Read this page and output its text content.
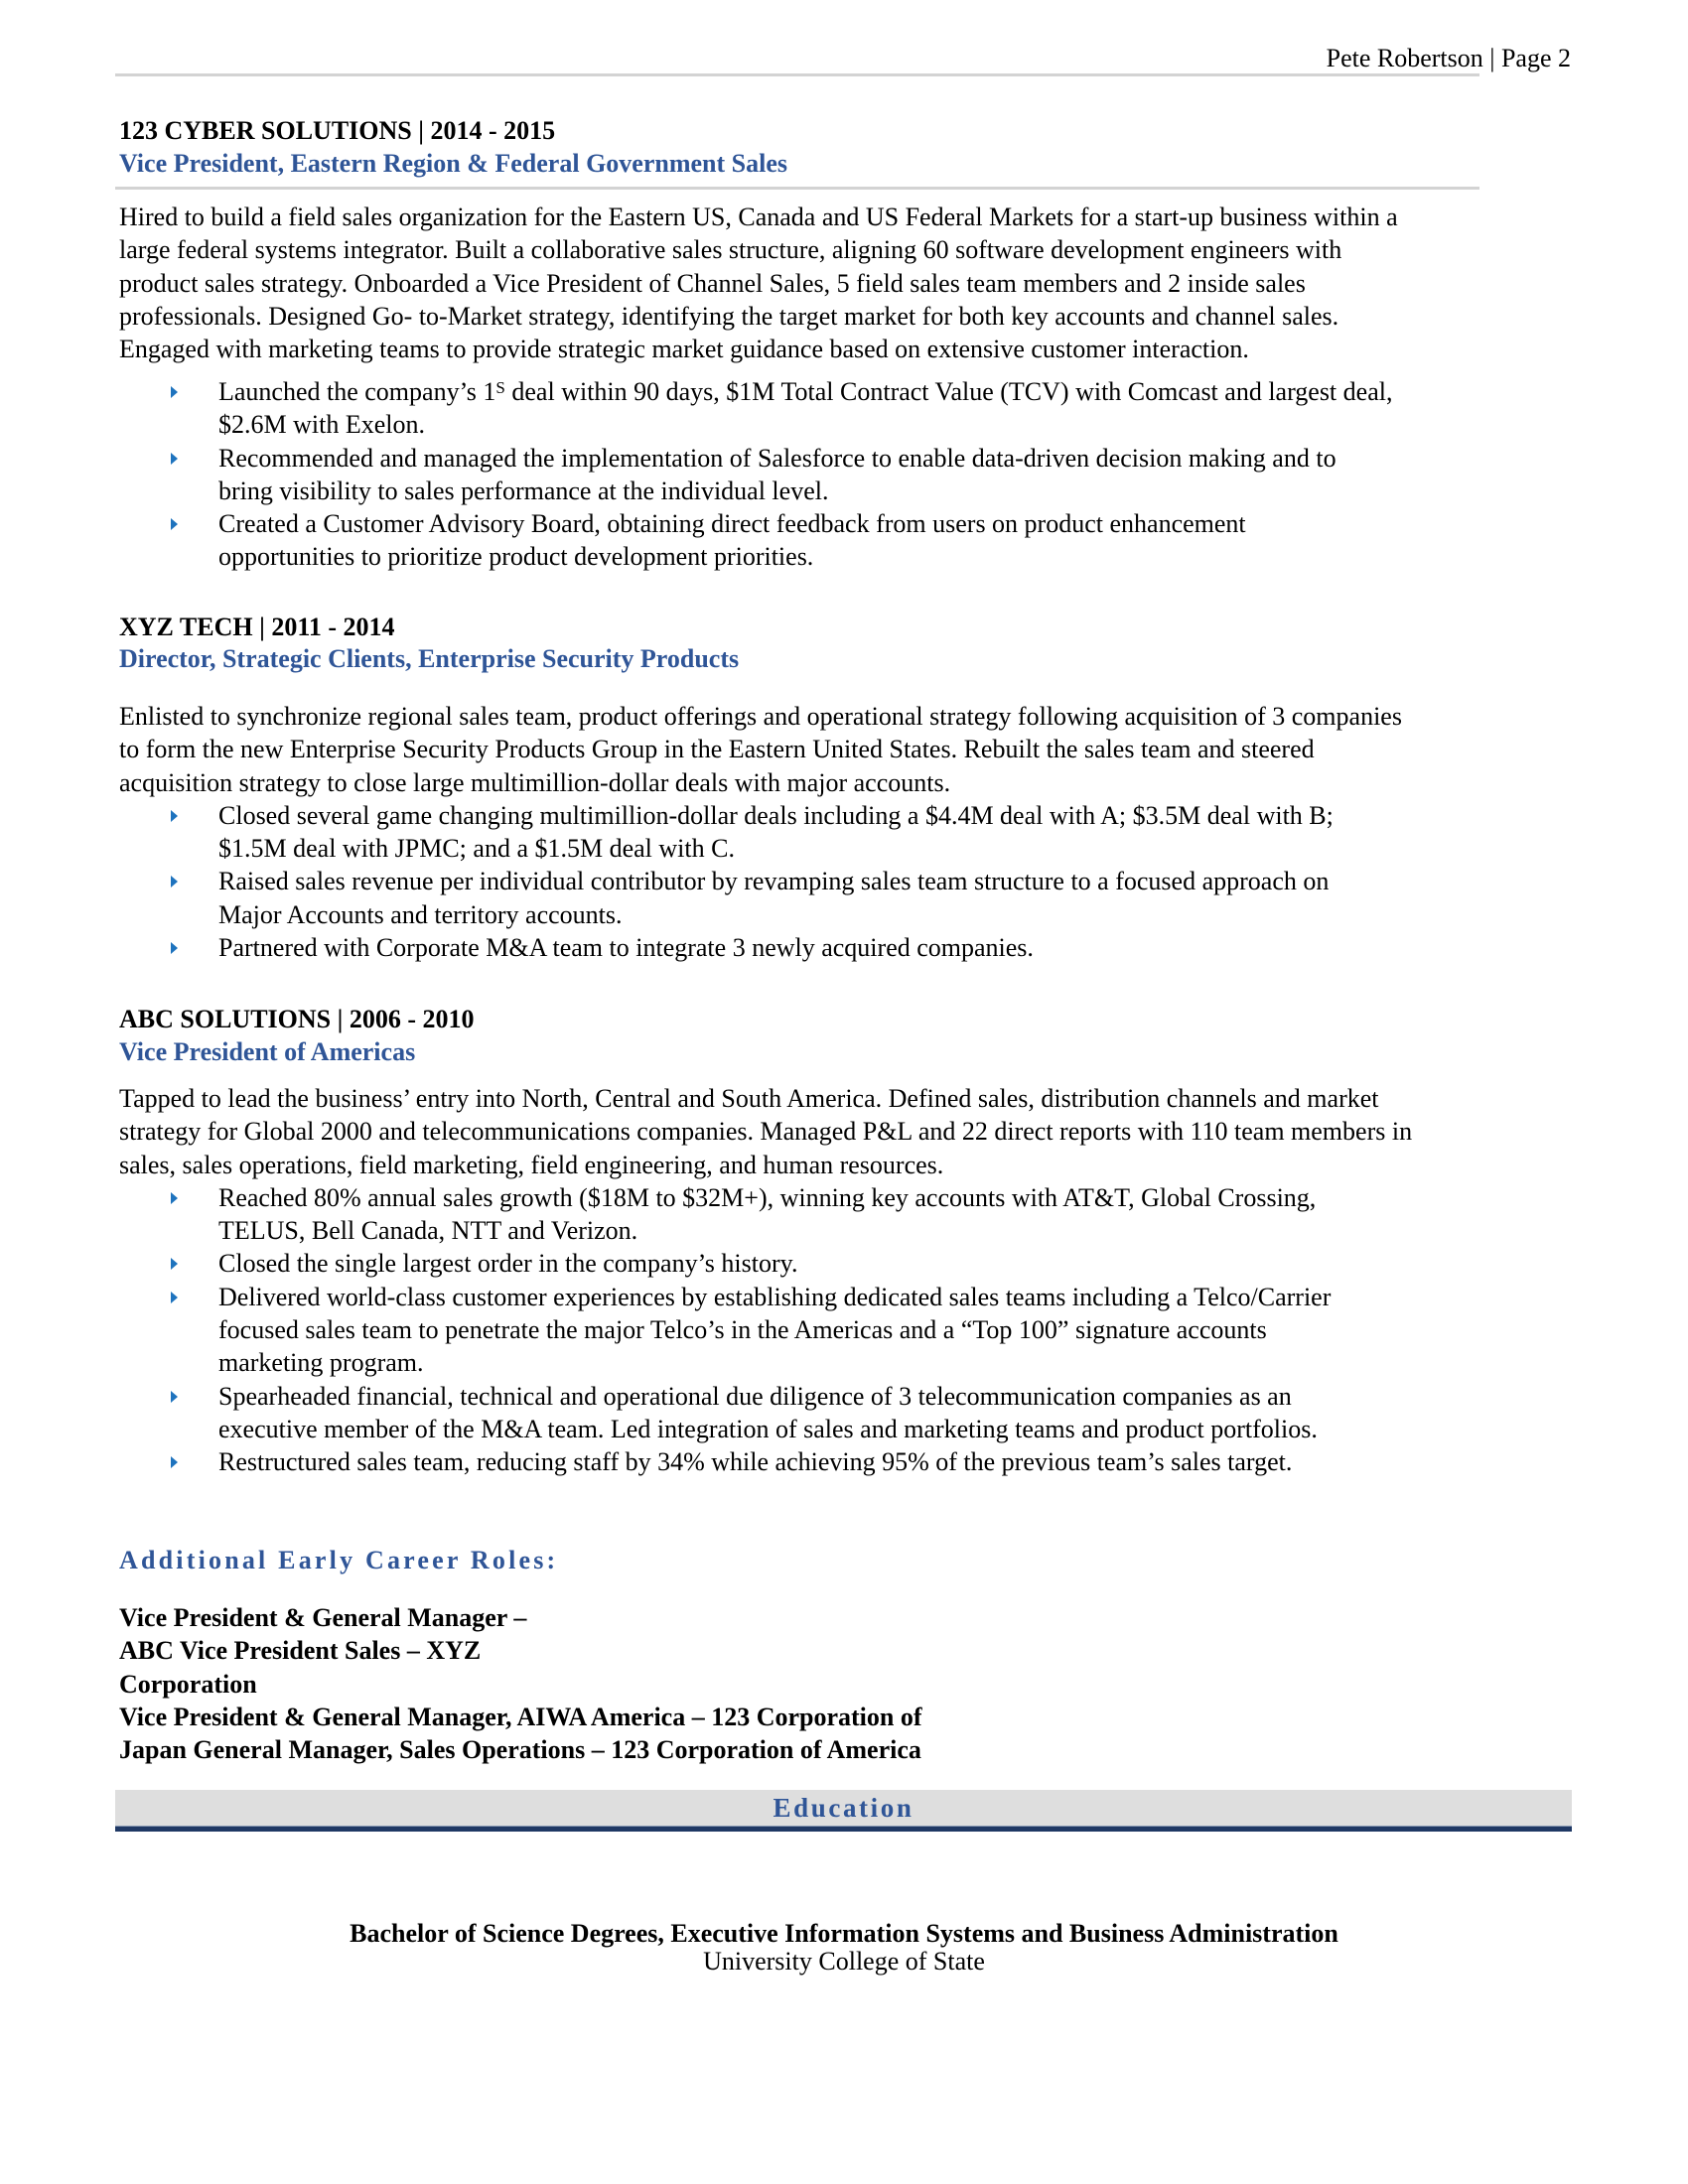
Pete Robertson | Page 2
123 CYBER SOLUTIONS | 2014 - 2015
Vice President, Eastern Region & Federal Government Sales

Hired to build a field sales organization for the Eastern US, Canada and US Federal Markets for a start-up business within a

large federal systems integrator. Built a collaborative sales structure, aligning 60 software development engineers with

product sales strategy. Onboarded a Vice President of Channel Sales, 5 field sales team members and 2 inside sales

professionals. Designed Go- to-Market strategy, identifying the target market for both key accounts and channel sales.

Engaged with marketing teams to provide strategic market guidance based on extensive customer interaction.

Launched the company’s $1^S$ deal within 90 days, $1M Total Contract Value (TCV) with Comcast and largest deal,
$2.6M with Exelon.
Recommended and managed the implementation of Salesforce to enable data-driven decision making and to
bring visibility to sales performance at the individual level.
Created a Customer Advisory Board, obtaining direct feedback from users on product enhancement
opportunities to prioritize product development priorities.
XYZ TECH | 2011 - 2014
Director, Strategic Clients, Enterprise Security Products

Enlisted to synchronize regional sales team, product offerings and operational strategy following acquisition of 3 companies

to form the new Enterprise Security Products Group in the Eastern United States. Rebuilt the sales team and steered

acquisition strategy to close large multimillion-dollar deals with major accounts.

Closed several game changing multimillion-dollar deals including a $4.4M deal with A; $3.5M deal with B;
$1.5M deal with JPMC; and a $1.5M deal with C.
Raised sales revenue per individual contributor by revamping sales team structure to a focused approach on
Major Accounts and territory accounts.
Partnered with Corporate M&A team to integrate 3 newly acquired companies.
ABC SOLUTIONS | 2006 - 2010
Vice President of Americas

Tapped to lead the business’ entry into North, Central and South America. Defined sales, distribution channels and market

strategy for Global 2000 and telecommunications companies. Managed P&L and 22 direct reports with 110 team members in

sales, sales operations, field marketing, field engineering, and human resources.

Reached 80% annual sales growth ($18M to $32M+), winning key accounts with AT&T, Global Crossing,
TELUS, Bell Canada, NTT and Verizon.
Closed the single largest order in the company’s history.
Delivered world-class customer experiences by establishing dedicated sales teams including a Telco/Carrier
focused sales team to penetrate the major Telco’s in the Americas and a “Top 100” signature accounts
marketing program.
Spearheaded financial, technical and operational due diligence of 3 telecommunication companies as an
executive member of the M&A team. Led integration of sales and marketing teams and product portfolios.
Restructured sales team, reducing staff by 34% while achieving 95% of the previous team’s sales target.
Additional Early Career Roles:
Vice President & General Manager –
ABC Vice President Sales – XYZ
Corporation
Vice President & General Manager, AIWA America – 123 Corporation of
Japan General Manager, Sales Operations – 123 Corporation of America
Education
Bachelor of Science Degrees, Executive Information Systems and Business Administration
University College of State
